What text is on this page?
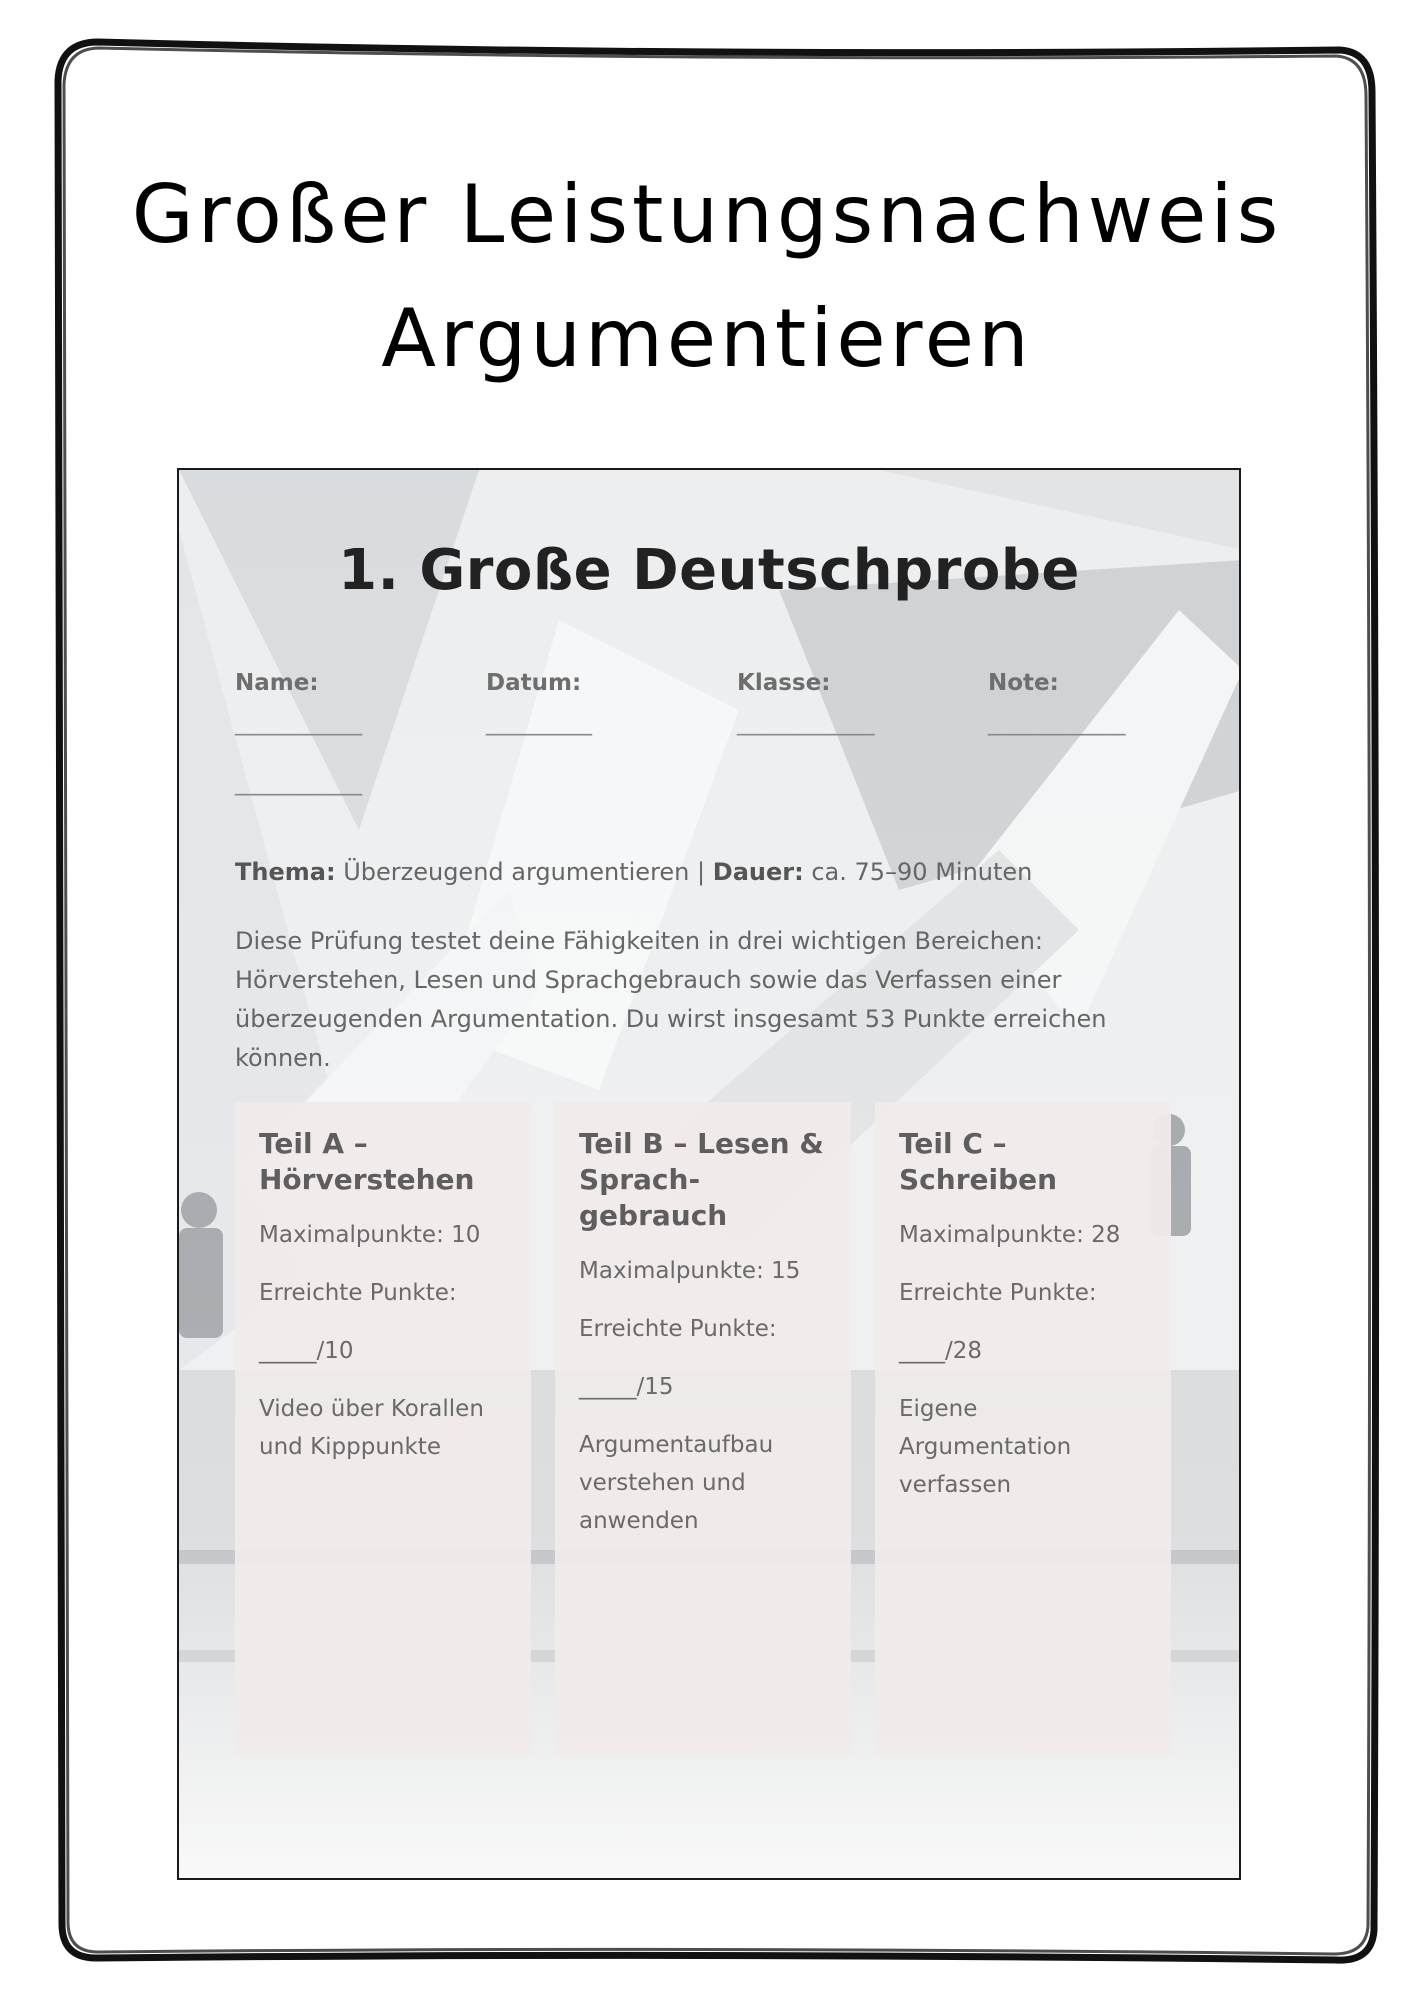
Großer Leistungsnachweis
Argumentieren
1. Große Deutschprobe
Name:
____________
Datum:
__________
Klasse:
_____________
Note:
_____________
____________
Thema: Überzeugend argumentieren | Dauer: ca. 75–90 Minuten

Diese Prüfung testet deine Fähigkeiten in drei wichtigen Bereichen: Hörverstehen, Lesen und Sprachgebrauch sowie das Verfassen einer überzeugenden Argumentation. Du wirst insgesamt 53 Punkte erreichen können.

Teil A – Hörverstehen

Maximalpunkte: 10

Erreichte Punkte:

_____/10

Video über Korallen und Kipppunkte

Teil B – Lesen & Sprach-gebrauch

Maximalpunkte: 15

Erreichte Punkte:

_____/15

Argumentaufbau verstehen und anwenden

Teil C – Schreiben

Maximalpunkte: 28

Erreichte Punkte:

____/28

Eigene Argumentation verfassen
